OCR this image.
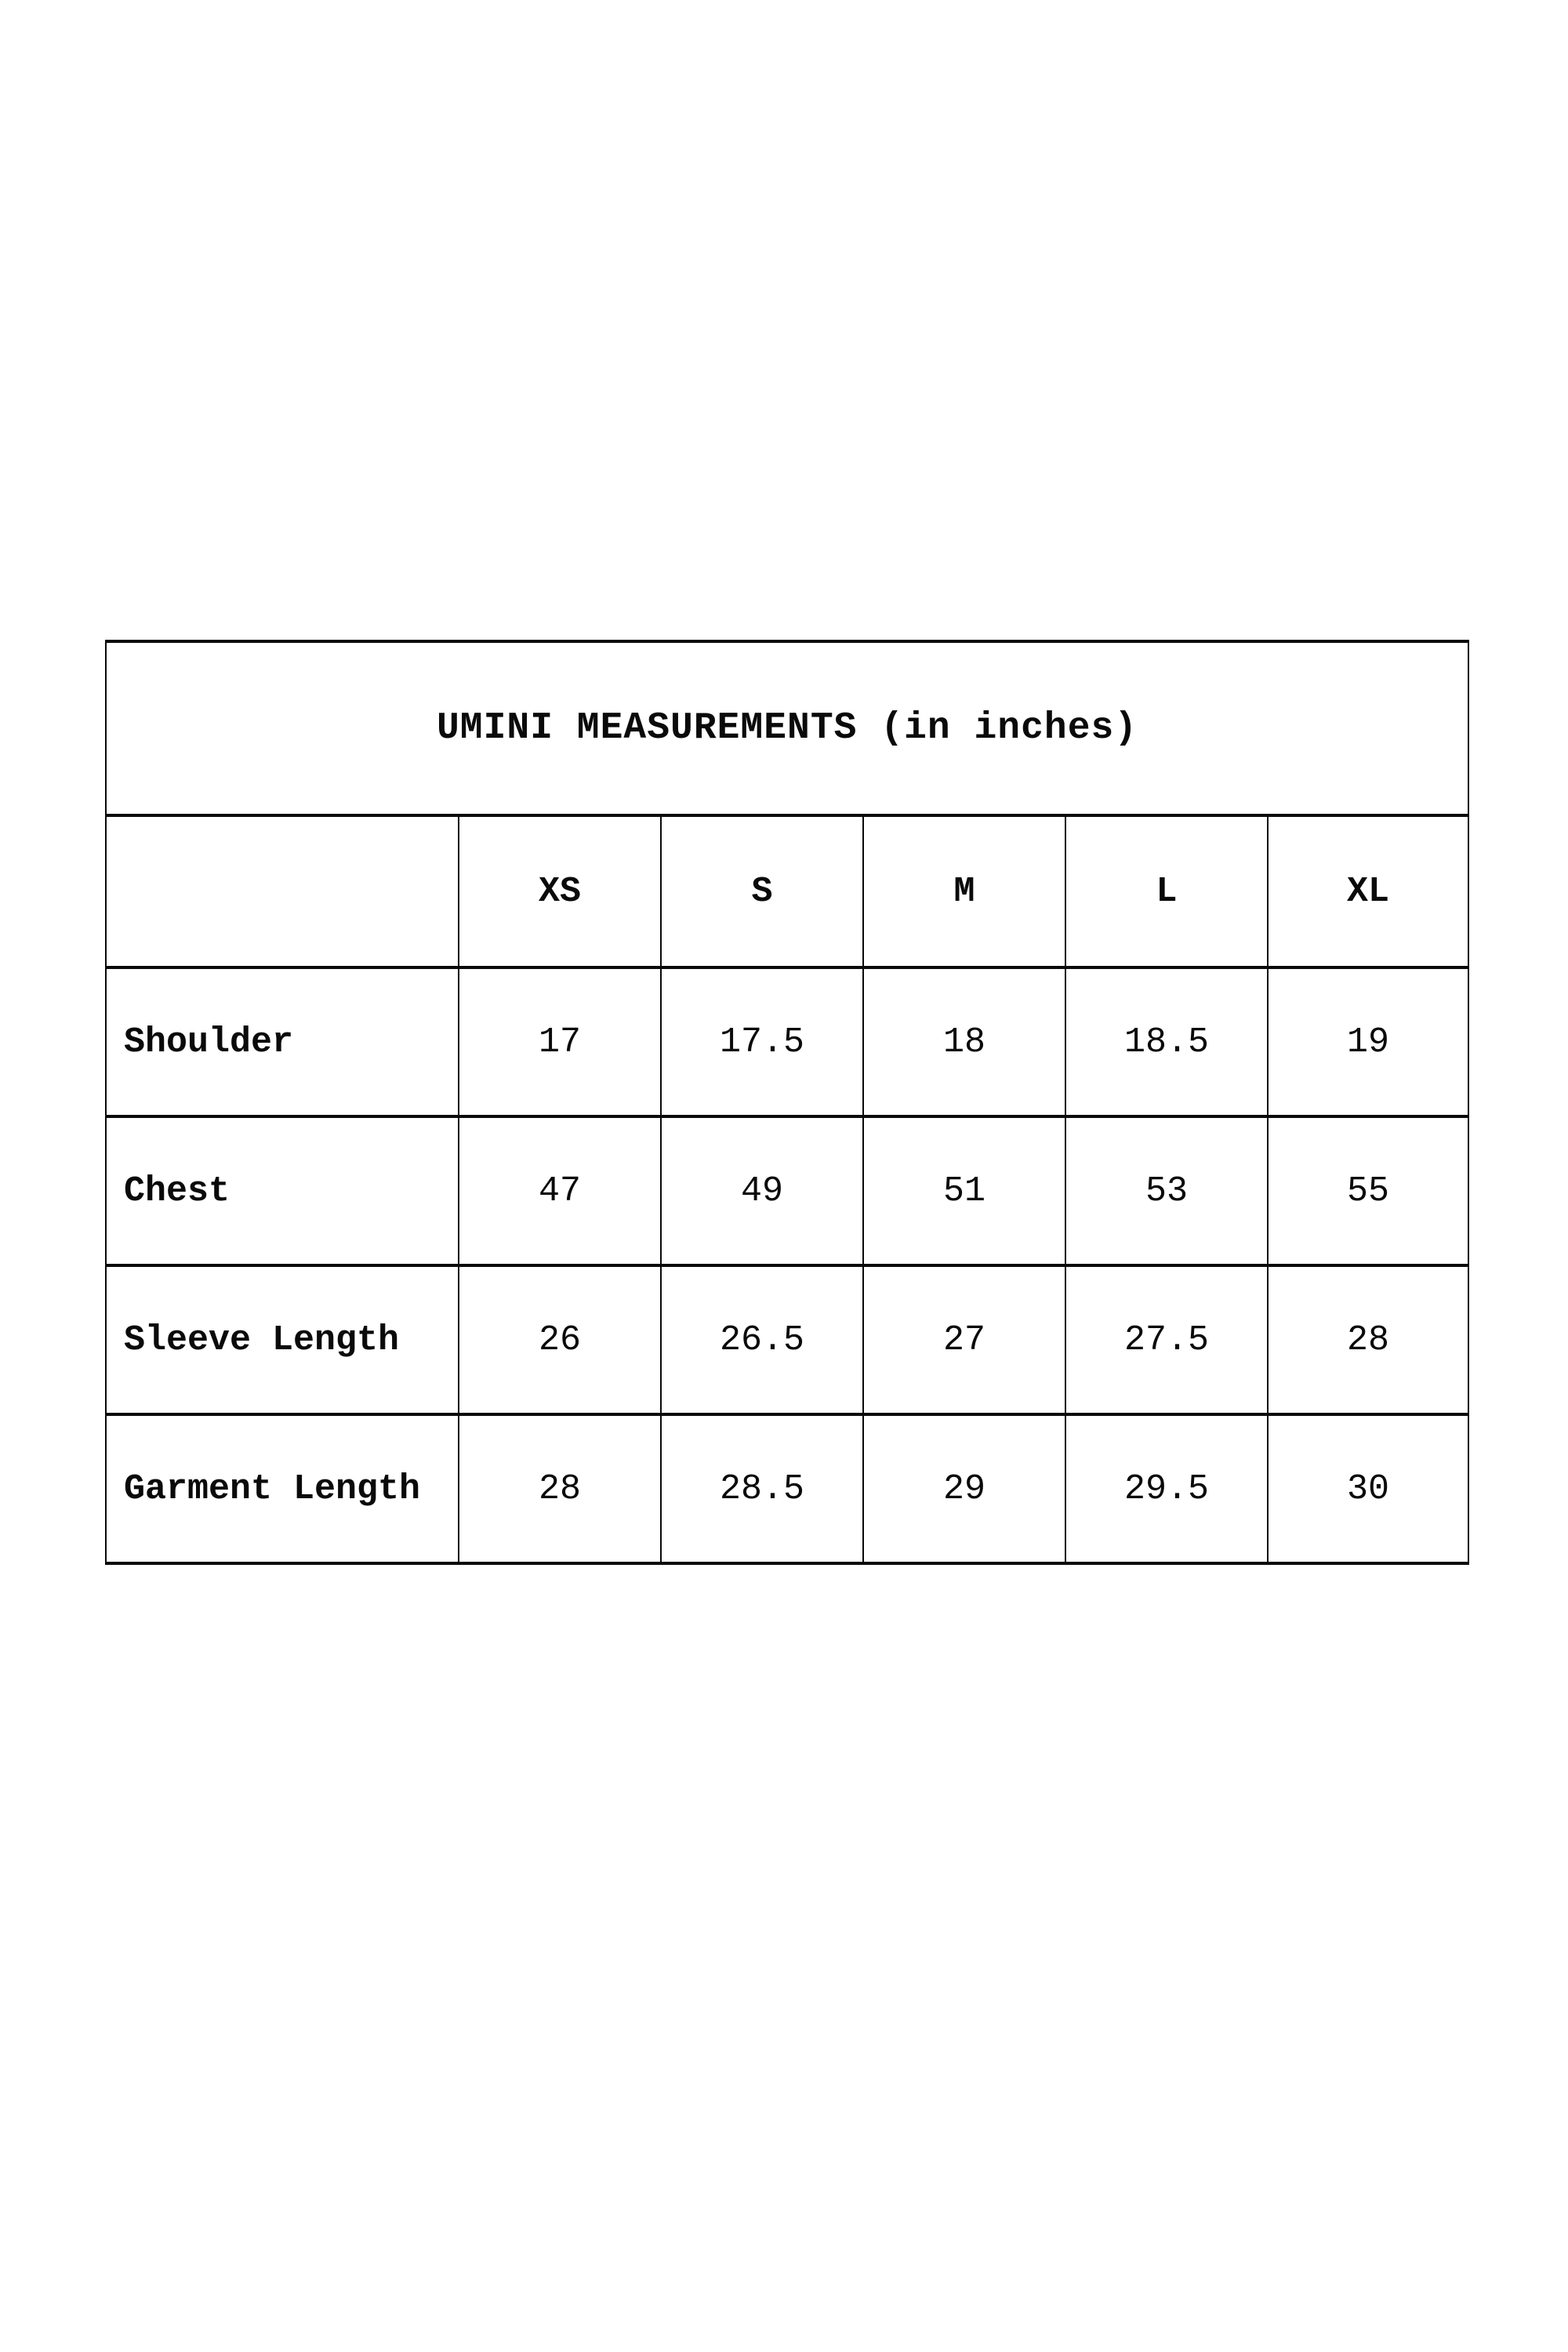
UMINI MEASUREMENTS (in inches)					
	XS	S	M	L	XL
Shoulder	17	17.5	18	18.5	19
Chest	47	49	51	53	55
Sleeve Length	26	26.5	27	27.5	28
Garment Length	28	28.5	29	29.5	30
